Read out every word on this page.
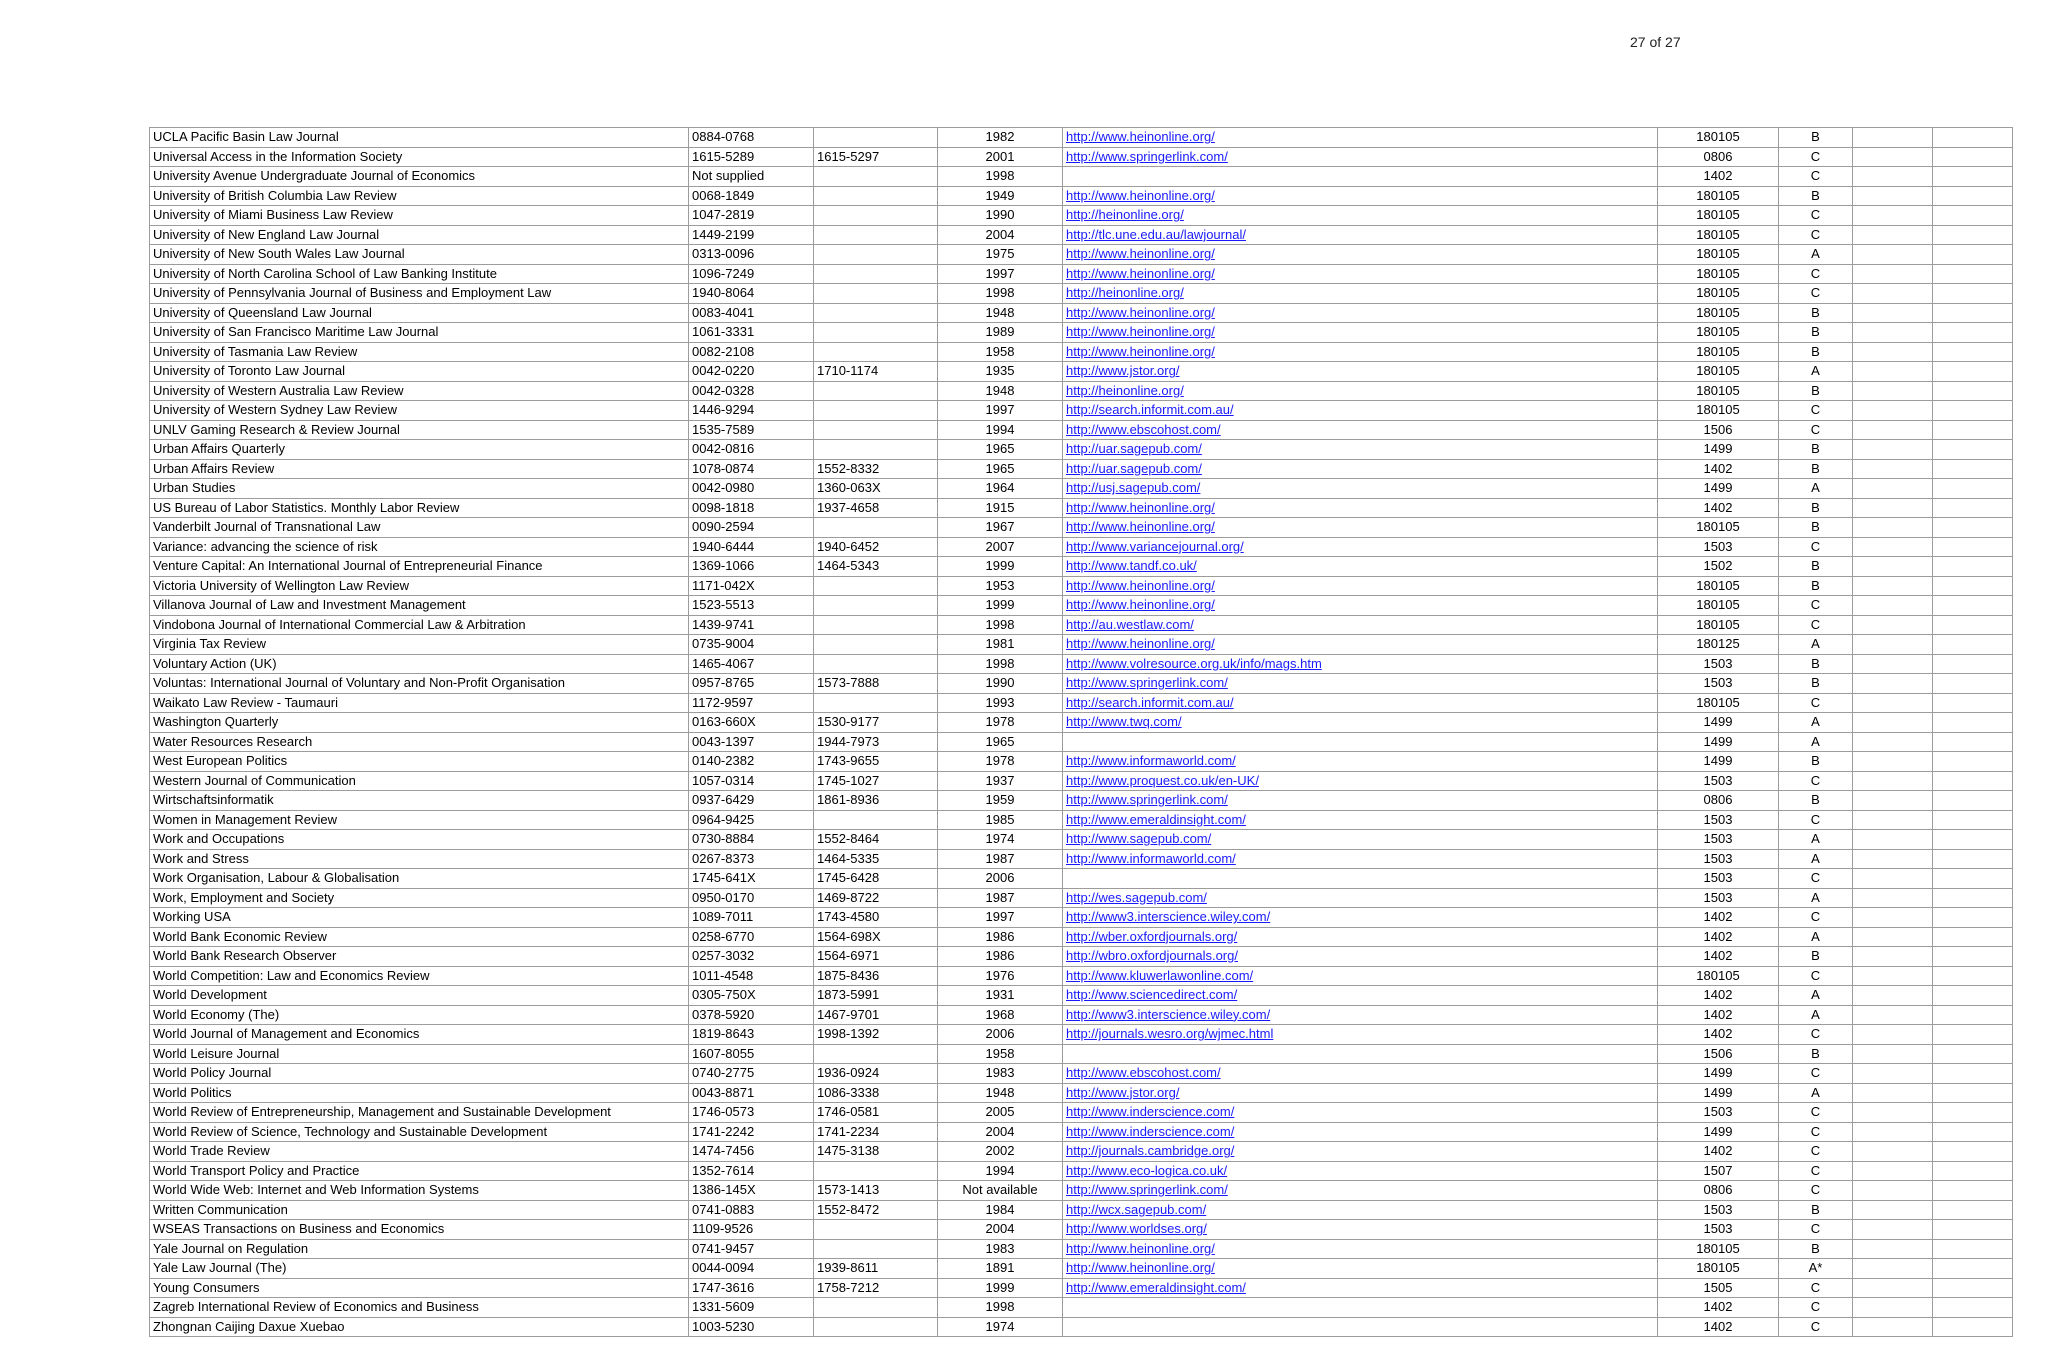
27 of 27
UCLA Pacific Basin Law Journal	0884-0768		1982	http://www.heinonline.org/	180105	B		
Universal Access in the Information Society	1615-5289	1615-5297	2001	http://www.springerlink.com/	0806	C		
University Avenue Undergraduate Journal of Economics	Not supplied		1998		1402	C		
University of British Columbia Law Review	0068-1849		1949	http://www.heinonline.org/	180105	B		
University of Miami Business Law Review	1047-2819		1990	http://heinonline.org/	180105	C		
University of New England Law Journal	1449-2199		2004	http://tlc.une.edu.au/lawjournal/	180105	C		
University of New South Wales Law Journal	0313-0096		1975	http://www.heinonline.org/	180105	A		
University of North Carolina School of Law Banking Institute	1096-7249		1997	http://www.heinonline.org/	180105	C		
University of Pennsylvania Journal of Business and Employment Law	1940-8064		1998	http://heinonline.org/	180105	C		
University of Queensland Law Journal	0083-4041		1948	http://www.heinonline.org/	180105	B		
University of San Francisco Maritime Law Journal	1061-3331		1989	http://www.heinonline.org/	180105	B		
University of Tasmania Law Review	0082-2108		1958	http://www.heinonline.org/	180105	B		
University of Toronto Law Journal	0042-0220	1710-1174	1935	http://www.jstor.org/	180105	A		
University of Western Australia Law Review	0042-0328		1948	http://heinonline.org/	180105	B		
University of Western Sydney Law Review	1446-9294		1997	http://search.informit.com.au/	180105	C		
UNLV Gaming Research & Review Journal	1535-7589		1994	http://www.ebscohost.com/	1506	C		
Urban Affairs Quarterly	0042-0816		1965	http://uar.sagepub.com/	1499	B		
Urban Affairs Review	1078-0874	1552-8332	1965	http://uar.sagepub.com/	1402	B		
Urban Studies	0042-0980	1360-063X	1964	http://usj.sagepub.com/	1499	A		
US Bureau of Labor Statistics. Monthly Labor Review	0098-1818	1937-4658	1915	http://www.heinonline.org/	1402	B		
Vanderbilt Journal of Transnational Law	0090-2594		1967	http://www.heinonline.org/	180105	B		
Variance: advancing the science of risk	1940-6444	1940-6452	2007	http://www.variancejournal.org/	1503	C		
Venture Capital: An International Journal of Entrepreneurial Finance	1369-1066	1464-5343	1999	http://www.tandf.co.uk/	1502	B		
Victoria University of Wellington Law Review	1171-042X		1953	http://www.heinonline.org/	180105	B		
Villanova Journal of Law and Investment Management	1523-5513		1999	http://www.heinonline.org/	180105	C		
Vindobona Journal of International Commercial Law & Arbitration	1439-9741		1998	http://au.westlaw.com/	180105	C		
Virginia Tax Review	0735-9004		1981	http://www.heinonline.org/	180125	A		
Voluntary Action (UK)	1465-4067		1998	http://www.volresource.org.uk/info/mags.htm	1503	B		
Voluntas: International Journal of Voluntary and Non-Profit Organisation	0957-8765	1573-7888	1990	http://www.springerlink.com/	1503	B		
Waikato Law Review - Taumauri	1172-9597		1993	http://search.informit.com.au/	180105	C		
Washington Quarterly	0163-660X	1530-9177	1978	http://www.twq.com/	1499	A		
Water Resources Research	0043-1397	1944-7973	1965		1499	A		
West European Politics	0140-2382	1743-9655	1978	http://www.informaworld.com/	1499	B		
Western Journal of Communication	1057-0314	1745-1027	1937	http://www.proquest.co.uk/en-UK/	1503	C		
Wirtschaftsinformatik	0937-6429	1861-8936	1959	http://www.springerlink.com/	0806	B		
Women in Management Review	0964-9425		1985	http://www.emeraldinsight.com/	1503	C		
Work and Occupations	0730-8884	1552-8464	1974	http://www.sagepub.com/	1503	A		
Work and Stress	0267-8373	1464-5335	1987	http://www.informaworld.com/	1503	A		
Work Organisation, Labour & Globalisation	1745-641X	1745-6428	2006		1503	C		
Work, Employment and Society	0950-0170	1469-8722	1987	http://wes.sagepub.com/	1503	A		
Working USA	1089-7011	1743-4580	1997	http://www3.interscience.wiley.com/	1402	C		
World Bank Economic Review	0258-6770	1564-698X	1986	http://wber.oxfordjournals.org/	1402	A		
World Bank Research Observer	0257-3032	1564-6971	1986	http://wbro.oxfordjournals.org/	1402	B		
World Competition: Law and Economics Review	1011-4548	1875-8436	1976	http://www.kluwerlawonline.com/	180105	C		
World Development	0305-750X	1873-5991	1931	http://www.sciencedirect.com/	1402	A		
World Economy (The)	0378-5920	1467-9701	1968	http://www3.interscience.wiley.com/	1402	A		
World Journal of Management and Economics	1819-8643	1998-1392	2006	http://journals.wesro.org/wjmec.html	1402	C		
World Leisure Journal	1607-8055		1958		1506	B		
World Policy Journal	0740-2775	1936-0924	1983	http://www.ebscohost.com/	1499	C		
World Politics	0043-8871	1086-3338	1948	http://www.jstor.org/	1499	A		
World Review of Entrepreneurship, Management and Sustainable Development	1746-0573	1746-0581	2005	http://www.inderscience.com/	1503	C		
World Review of Science, Technology and Sustainable Development	1741-2242	1741-2234	2004	http://www.inderscience.com/	1499	C		
World Trade Review	1474-7456	1475-3138	2002	http://journals.cambridge.org/	1402	C		
World Transport Policy and Practice	1352-7614		1994	http://www.eco-logica.co.uk/	1507	C		
World Wide Web: Internet and Web Information Systems	1386-145X	1573-1413	Not available	http://www.springerlink.com/	0806	C		
Written Communication	0741-0883	1552-8472	1984	http://wcx.sagepub.com/	1503	B		
WSEAS Transactions on Business and Economics	1109-9526		2004	http://www.worldses.org/	1503	C		
Yale Journal on Regulation	0741-9457		1983	http://www.heinonline.org/	180105	B		
Yale Law Journal (The)	0044-0094	1939-8611	1891	http://www.heinonline.org/	180105	A*		
Young Consumers	1747-3616	1758-7212	1999	http://www.emeraldinsight.com/	1505	C		
Zagreb International Review of Economics and Business	1331-5609		1998		1402	C		
Zhongnan Caijing Daxue Xuebao	1003-5230		1974		1402	C		
